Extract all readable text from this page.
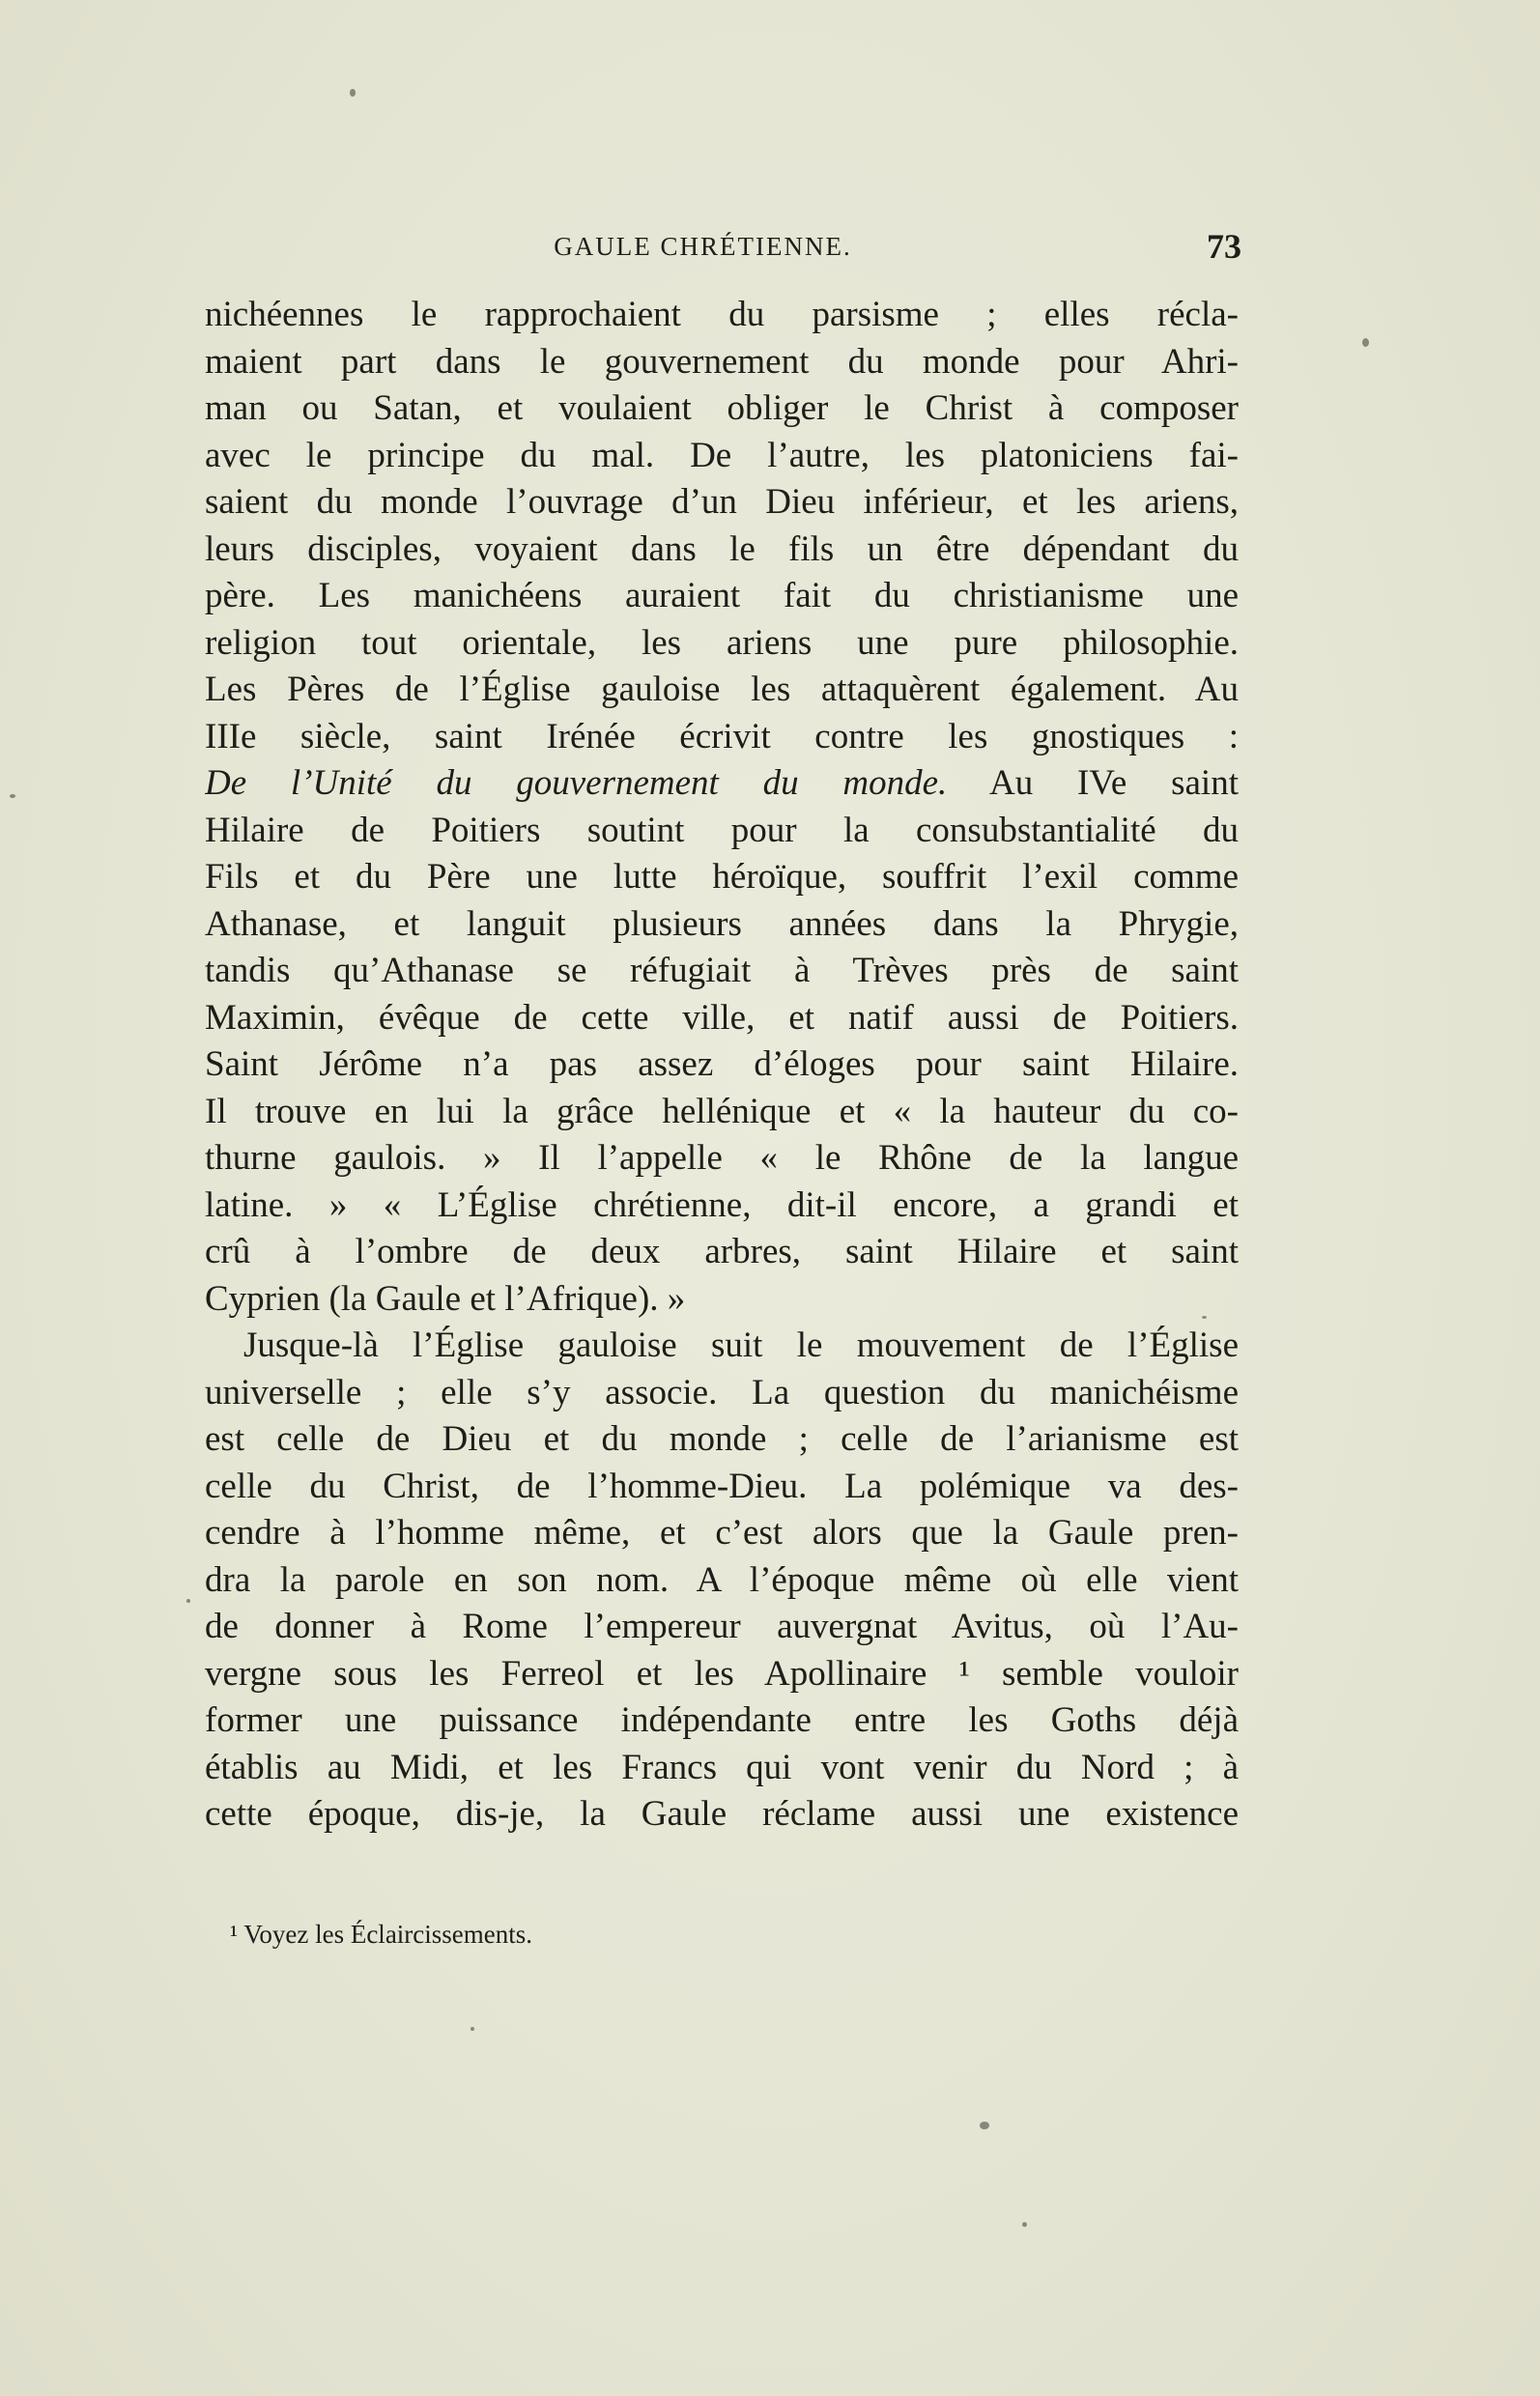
GAULE CHRÉTIENNE.	73
nichéennes le rapprochaient du parsisme ; elles récla-
maient part dans le gouvernement du monde pour Ahri-
man ou Satan, et voulaient obliger le Christ à composer
avec le principe du mal. De l’autre, les platoniciens fai-
saient du monde l’ouvrage d’un Dieu inférieur, et les ariens,
leurs disciples, voyaient dans le fils un être dépendant du
père. Les manichéens auraient fait du christianisme une
religion tout orientale, les ariens une pure philosophie.
Les Pères de l’Église gauloise les attaquèrent également. Au
IIIe siècle, saint Irénée écrivit contre les gnostiques :
De l’Unité du gouvernement du monde. Au IVe saint
Hilaire de Poitiers soutint pour la consubstantialité du
Fils et du Père une lutte héroïque, souffrit l’exil comme
Athanase, et languit plusieurs années dans la Phrygie,
tandis qu’Athanase se réfugiait à Trèves près de saint
Maximin, évêque de cette ville, et natif aussi de Poitiers.
Saint Jérôme n’a pas assez d’éloges pour saint Hilaire.
Il trouve en lui la grâce hellénique et « la hauteur du co-
thurne gaulois. » Il l’appelle « le Rhône de la langue
latine. » « L’Église chrétienne, dit-il encore, a grandi et
crû à l’ombre de deux arbres, saint Hilaire et saint
Cyprien (la Gaule et l’Afrique). »
Jusque-là l’Église gauloise suit le mouvement de l’Église
universelle ; elle s’y associe. La question du manichéisme
est celle de Dieu et du monde ; celle de l’arianisme est
celle du Christ, de l’homme-Dieu. La polémique va des-
cendre à l’homme même, et c’est alors que la Gaule pren-
dra la parole en son nom. A l’époque même où elle vient
de donner à Rome l’empereur auvergnat Avitus, où l’Au-
vergne sous les Ferreol et les Apollinaire ¹ semble vouloir
former une puissance indépendante entre les Goths déjà
établis au Midi, et les Francs qui vont venir du Nord ; à
cette époque, dis-je, la Gaule réclame aussi une existence
¹ Voyez les Éclaircissements.
